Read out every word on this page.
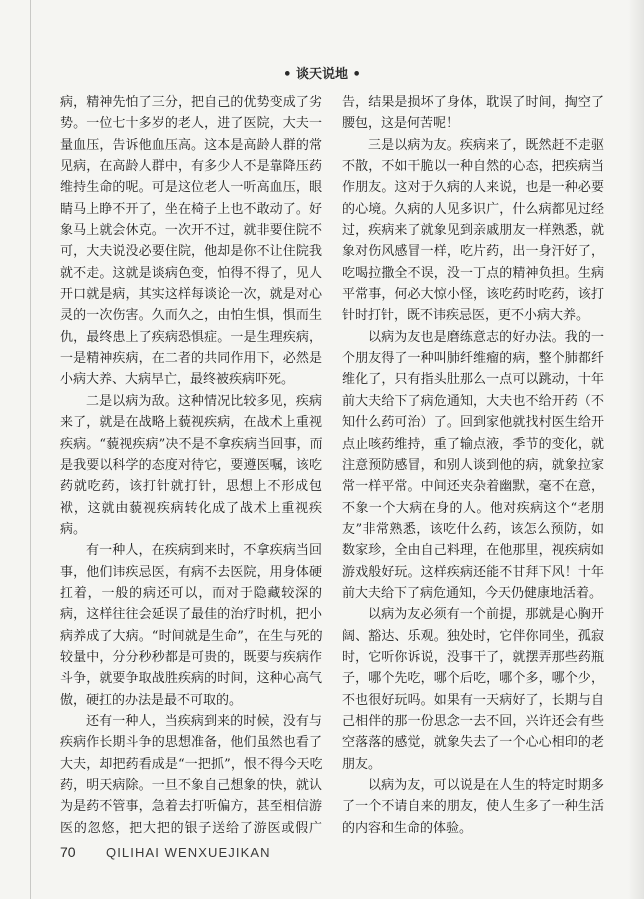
• 谈天说地 •
病，精神先怕了三分，把自己的优势变成了劣
势。一位七十多岁的老人，进了医院，大夫一
量血压，告诉他血压高。这本是高龄人群的常
见病，在高龄人群中，有多少人不是靠降压药
维持生命的呢。可是这位老人一听高血压，眼
睛马上睁不开了，坐在椅子上也不敢动了。好
象马上就会休克。一次开不过，就非要住院不
可，大夫说没必要住院，他却是你不让住院我
就不走。这就是谈病色变，怕得不得了，见人
开口就是病，其实这样每谈论一次，就是对心
灵的一次伤害。久而久之，由怕生惧，惧而生
仇，最终患上了疾病恐惧症。一是生理疾病，
一是精神疾病，在二者的共同作用下，必然是
小病大养、大病早亡，最终被疾病吓死。
二是以病为敌。这种情况比较多见，疾病
来了，就是在战略上藐视疾病，在战术上重视
疾病。“藐视疾病”决不是不拿疾病当回事，而
是我要以科学的态度对待它，要遵医嘱，该吃
药就吃药，该打针就打针，思想上不形成包
袱，这就由藐视疾病转化成了战术上重视疾
病。
有一种人，在疾病到来时，不拿疾病当回
事，他们讳疾忌医，有病不去医院，用身体硬
扛着，一般的病还可以，而对于隐藏较深的
病，这样往往会延误了最佳的治疗时机，把小
病养成了大病。“时间就是生命”，在生与死的
较量中，分分秒秒都是可贵的，既要与疾病作
斗争，就要争取战胜疾病的时间，这种心高气
傲，硬扛的办法是最不可取的。
还有一种人，当疾病到来的时候，没有与
疾病作长期斗争的思想准备，他们虽然也看了
大夫，却把药看成是“一把抓”，恨不得今天吃
药，明天病除。一旦不象自己想象的快，就认
为是药不管事，急着去打听偏方，甚至相信游
医的忽悠，把大把的银子送给了游医或假广
告，结果是损坏了身体，耽误了时间，掏空了
腰包，这是何苦呢！
三是以病为友。疾病来了，既然赶不走驱
不散，不如干脆以一种自然的心态，把疾病当
作朋友。这对于久病的人来说，也是一种必要
的心境。久病的人见多识广，什么病都见过经
过，疾病来了就象见到亲戚朋友一样熟悉，就
象对伤风感冒一样，吃片药，出一身汗好了，
吃喝拉撒全不误，没一丁点的精神负担。生病
平常事，何必大惊小怪，该吃药时吃药，该打
针时打针，既不讳疾忌医，更不小病大养。
以病为友也是磨练意志的好办法。我的一
个朋友得了一种叫肺纤维瘤的病，整个肺都纤
维化了，只有指头肚那么一点可以跳动，十年
前大夫给下了病危通知，大夫也不给开药（不
知什么药可治）了。回到家他就找村医生给开
点止咳药维持，重了输点液，季节的变化，就
注意预防感冒，和别人谈到他的病，就象拉家
常一样平常。中间还夹杂着幽默，毫不在意，
不象一个大病在身的人。他对疾病这个“老朋
友”非常熟悉，该吃什么药，该怎么预防，如
数家珍，全由自己料理，在他那里，视疾病如
游戏般好玩。这样疾病还能不甘拜下风！十年
前大夫给下了病危通知，今天仍健康地活着。
以病为友必须有一个前提，那就是心胸开
阔、豁达、乐观。独处时，它伴你同坐，孤寂
时，它听你诉说，没事干了，就摆弄那些药瓶
子，哪个先吃，哪个后吃，哪个多，哪个少，
不也很好玩吗。如果有一天病好了，长期与自
己相伴的那一份思念一去不回，兴许还会有些
空落落的感觉，就象失去了一个心心相印的老
朋友。
以病为友，可以说是在人生的特定时期多
了一个不请自来的朋友，使人生多了一种生活
的内容和生命的体验。
70 QILIHAI WENXUEJIKAN
